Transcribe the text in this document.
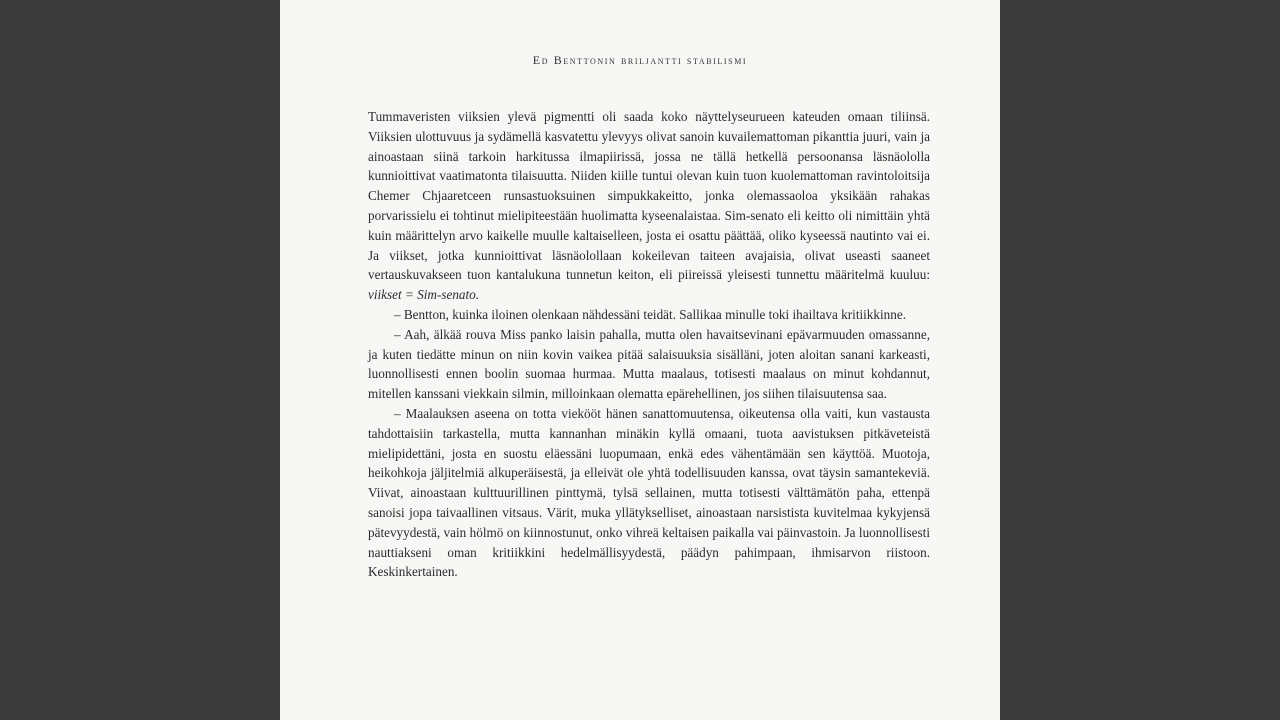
Ed Benttonin briljantti stabilismi

Tummaveristen viiksien ylevä pigmentti oli saada koko näyttelyseurueen kateuden omaan tiliinsä. Viiksien ulottuvuus ja sydämellä kasvatettu ylevyys olivat sanoin kuvailemattoman pikanttia juuri, vain ja ainoastaan siinä tarkoin harkitussa ilmapiirissä, jossa ne tällä hetkellä persoonansa läsnäololla kunnioittivat vaatimatonta tilaisuutta. Niiden kiille tuntui olevan kuin tuon kuolemattoman ravintoloitsija Chemer Chjaaretceen runsastuoksuinen simpukkakeitto, jonka olemassaoloa yksikään rahakas porvarissielu ei tohtinut mielipiteestään huolimatta kyseenalaistaa. Sim-senato eli keitto oli nimittäin yhtä kuin määrittelyn arvo kaikelle muulle kaltaiselleen, josta ei osattu päättää, oliko kyseessä nautinto vai ei. Ja viikset, jotka kunnioittivat läsnäolollaan kokeilevan taiteen avajaisia, olivat useasti saaneet vertauskuvakseen tuon kantalukuna tunnetun keiton, eli piireissä yleisesti tunnettu määritelmä kuuluu: viikset = Sim-senato.

– Bentton, kuinka iloinen olenkaan nähdessäni teidät. Sallikaa minulle toki ihailtava kritiikkinne.

– Aah, älkää rouva Miss panko laisin pahalla, mutta olen havaitsevinani epävarmuuden omassanne, ja kuten tiedätte minun on niin kovin vaikea pitää salaisuuksia sisälläni, joten aloitan sanani karkeasti, luonnollisesti ennen boolin suomaa hurmaa. Mutta maalaus, totisesti maalaus on minut kohdannut, mitellen kanssani viekkain silmin, milloinkaan olematta epärehellinen, jos siihen tilaisuutensa saa.

– Maalauksen aseena on totta viekööt hänen sanattomuutensa, oikeutensa olla vaiti, kun vastausta tahdottaisiin tarkastella, mutta kannanhan minäkin kyllä omaani, tuota aavistuksen pitkäveteistä mielipidettäni, josta en suostu eläessäni luopumaan, enkä edes vähentämään sen käyttöä. Muotoja, heikohkoja jäljitelmiä alkuperäisestä, ja elleivät ole yhtä todellisuuden kanssa, ovat täysin samantekeviä. Viivat, ainoastaan kulttuurillinen pinttymä, tylsä sellainen, mutta totisesti välttämätön paha, ettenpä sanoisi jopa taivaallinen vitsaus. Värit, muka yllätykselliset, ainoastaan narsistista kuvitelmaa kykyjensä pätevyydestä, vain hölmö on kiinnostunut, onko vihreä keltaisen paikalla vai päinvastoin. Ja luonnollisesti nauttiakseni oman kritiikkini hedelmällisyydestä, päädyn pahimpaan, ihmisarvon riistoon. Keskinkertainen.
